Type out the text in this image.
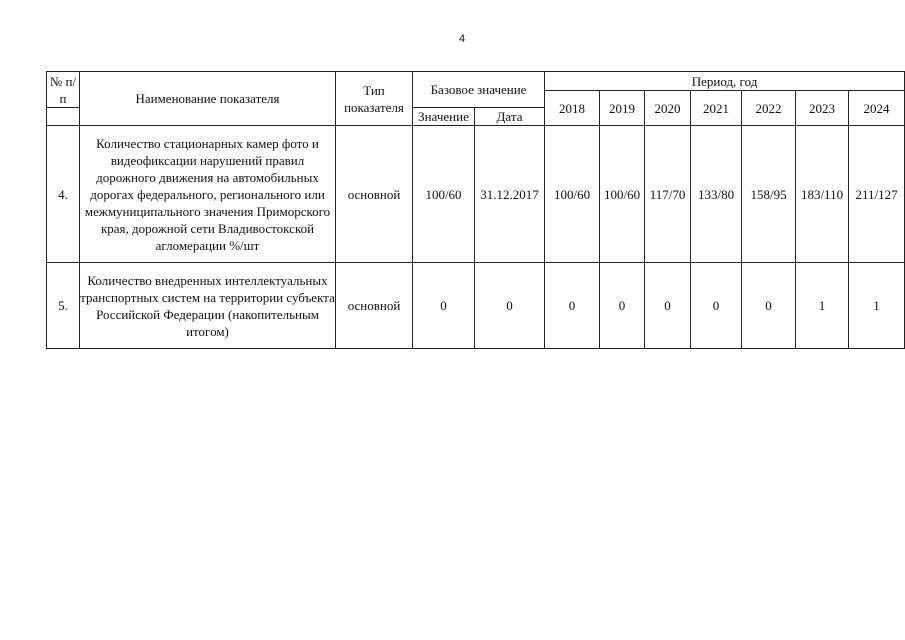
4
№ п/п	Наименование показателя	Тип показателя	Базовое значение		Период, год						
					2018	2019	2020	2021	2022	2023	2024
			Значение	Дата							
4.	Количество стационарных камер фото и видеофиксации нарушений правил дорожного движения на автомобильных дорогах федерального, регионального или межмуниципального значения Приморского края, дорожной сети Владивостокской агломерации %/шт	основной	100/60	31.12.2017	100/60	100/60	117/70	133/80	158/95	183/110	211/127
5.	Количество внедренных интеллектуальных транспортных систем на территории субъекта Российской Федерации (накопительным итогом)	основной	0	0	0	0	0	0	0	1	1
